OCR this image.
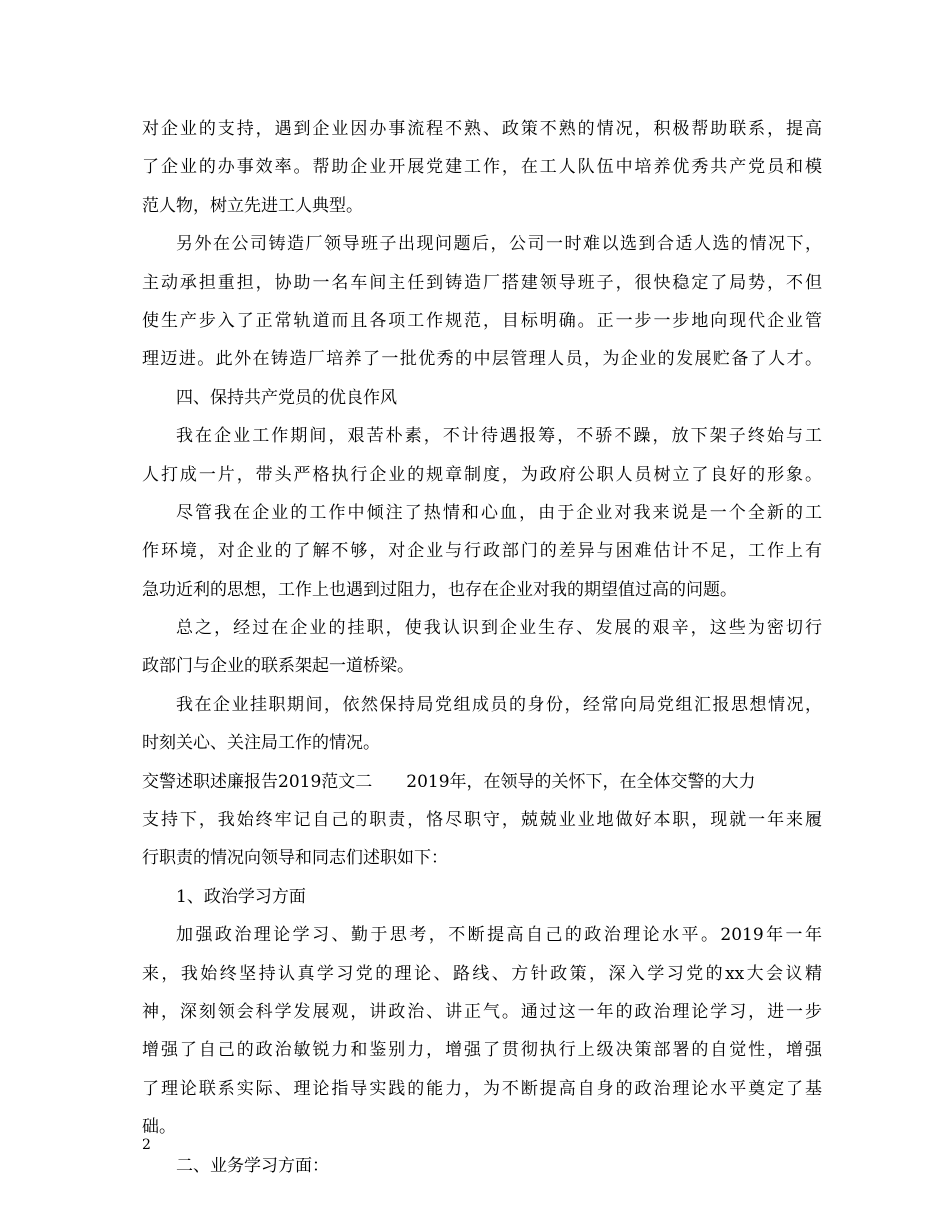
对企业的支持，遇到企业因办事流程不熟、政策不熟的情况，积极帮助联系，提高
了企业的办事效率。帮助企业开展党建工作，在工人队伍中培养优秀共产党员和模
范人物，树立先进工人典型。
另外在公司铸造厂领导班子出现问题后，公司一时难以选到合适人选的情况下，
主动承担重担，协助一名车间主任到铸造厂搭建领导班子，很快稳定了局势，不但
使生产步入了正常轨道而且各项工作规范，目标明确。正一步一步地向现代企业管
理迈进。此外在铸造厂培养了一批优秀的中层管理人员，为企业的发展贮备了人才。
四、保持共产党员的优良作风
我在企业工作期间，艰苦朴素，不计待遇报筹，不骄不躁，放下架子终始与工
人打成一片，带头严格执行企业的规章制度，为政府公职人员树立了良好的形象。
尽管我在企业的工作中倾注了热情和心血，由于企业对我来说是一个全新的工
作环境，对企业的了解不够，对企业与行政部门的差异与困难估计不足，工作上有
急功近利的思想，工作上也遇到过阻力，也存在企业对我的期望值过高的问题。
总之，经过在企业的挂职，使我认识到企业生存、发展的艰辛，这些为密切行
政部门与企业的联系架起一道桥梁。
我在企业挂职期间，依然保持局党组成员的身份，经常向局党组汇报思想情况，
时刻关心、关注局工作的情况。
交警述职述廉报告2019范文二 2019年，在领导的关怀下，在全体交警的大力
支持下，我始终牢记自己的职责，恪尽职守，兢兢业业地做好本职，现就一年来履
行职责的情况向领导和同志们述职如下：
1、政治学习方面
加强政治理论学习、勤于思考，不断提高自己的政治理论水平。2019年一年
来，我始终坚持认真学习党的理论、路线、方针政策，深入学习党的xx大会议精
神，深刻领会科学发展观，讲政治、讲正气。通过这一年的政治理论学习，进一步
增强了自己的政治敏锐力和鉴别力，增强了贯彻执行上级决策部署的自觉性，增强
了理论联系实际、理论指导实践的能力，为不断提高自身的政治理论水平奠定了基
础。
二、业务学习方面：
2
